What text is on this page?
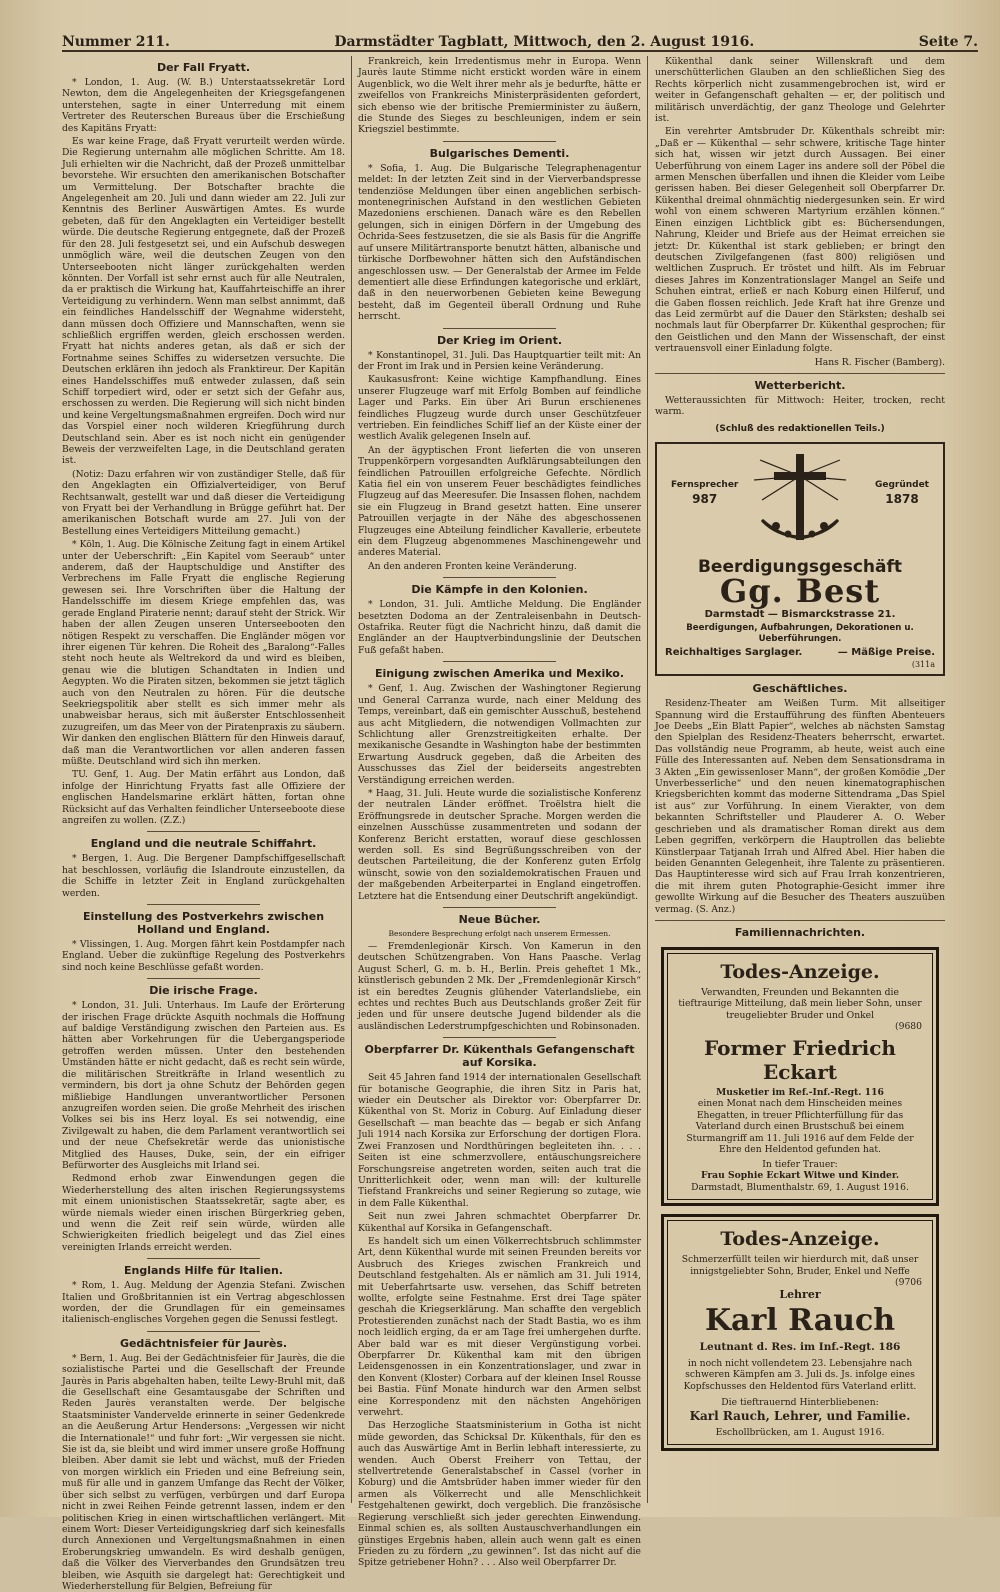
Nummer 211.	Darmstädter Tagblatt, Mittwoch, den 2. August 1916.	Seite 7.
Der Fall Fryatt.

* London, 1. Aug. (W. B.) Unterstaatssekretär Lord Newton, dem die Angelegenheiten der Kriegsgefangenen unterstehen, sagte in einer Unterredung mit einem Vertreter des Reuterschen Bureaus über die Erschießung des Kapitäns Fryatt:

Es war keine Frage, daß Fryatt verurteilt werden würde. Die Regierung unternahm alle möglichen Schritte. Am 18. Juli erhielten wir die Nachricht, daß der Prozeß unmittelbar bevorstehe. Wir ersuchten den amerikanischen Botschafter um Vermittelung. Der Botschafter brachte die Angelegenheit am 20. Juli und dann wieder am 22. Juli zur Kenntnis des Berliner Auswärtigen Amtes. Es wurde gebeten, daß für den Angeklagten ein Verteidiger bestellt würde. Die deutsche Regierung entgegnete, daß der Prozeß für den 28. Juli festgesetzt sei, und ein Aufschub deswegen unmöglich wäre, weil die deutschen Zeugen von den Unterseebooten nicht länger zurückgehalten werden könnten. Der Vorfall ist sehr ernst auch für alle Neutralen, da er praktisch die Wirkung hat, Kauffahrteischiffe an ihrer Verteidigung zu verhindern. Wenn man selbst annimmt, daß ein feindliches Handelsschiff der Wegnahme widersteht, dann müssen doch Offiziere und Mannschaften, wenn sie schließlich ergriffen werden, gleich erschossen werden. Fryatt hat nichts anderes getan, als daß er sich der Fortnahme seines Schiffes zu widersetzen versuchte. Die Deutschen erklären ihn jedoch als Franktireur. Der Kapitän eines Handelsschiffes muß entweder zulassen, daß sein Schiff torpediert wird, oder er setzt sich der Gefahr aus, erschossen zu werden. Die Regierung will sich nicht binden und keine Vergeltungsmaßnahmen ergreifen. Doch wird nur das Vorspiel einer noch wilderen Kriegführung durch Deutschland sein. Aber es ist noch nicht ein genügender Beweis der verzweifelten Lage, in die Deutschland geraten ist.

(Notiz: Dazu erfahren wir von zuständiger Stelle, daß für den Angeklagten ein Offizialverteidiger, von Beruf Rechtsanwalt, gestellt war und daß dieser die Verteidigung von Fryatt bei der Verhandlung in Brügge geführt hat. Der amerikanischen Botschaft wurde am 27. Juli von der Bestellung eines Verteidigers Mitteilung gemacht.)

* Köln, 1. Aug. Die Kölnische Zeitung fagt in einem Artikel unter der Ueberschrift: „Ein Kapitel vom Seeraub“ unter anderem, daß der Hauptschuldige und Anstifter des Verbrechens im Falle Fryatt die englische Regierung gewesen sei. Ihre Vorschriften über die Haltung der Handelsschiffe im diesem Kriege empfehlen das, was gerade England Piraterie nennt; darauf steht der Strick. Wir haben der allen Zeugen unseren Unterseebooten den nötigen Respekt zu verschaffen. Die Engländer mögen vor ihrer eigenen Tür kehren. Die Roheit des „Baralong“-Falles steht noch heute als Weltrekord da und wird es bleiben, genau wie die blutigen Schandtaten in Indien und Aegypten. Wo die Piraten sitzen, bekommen sie jetzt täglich auch von den Neutralen zu hören. Für die deutsche Seekriegspolitik aber stellt es sich immer mehr als unabweisbar heraus, sich mit äußerster Entschlossenheit zuzugreifen, um das Meer von der Piratenpraxis zu säubern. Wir danken den englischen Blättern für den Hinweis darauf, daß man die Verantwortlichen vor allen anderen fassen müßte. Deutschland wird sich ihn merken.

TU. Genf, 1. Aug. Der Matin erfährt aus London, daß infolge der Hinrichtung Fryatts fast alle Offiziere der englischen Handelsmarine erklärt hätten, fortan ohne Rücksicht auf das Verhalten feindlicher Unterseeboote diese angreifen zu wollen. (Z.Z.)

England und die neutrale Schiffahrt.

* Bergen, 1. Aug. Die Bergener Dampfschiffgesellschaft hat beschlossen, vorläufig die Islandroute einzustellen, da die Schiffe in letzter Zeit in England zurückgehalten werden.

Einstellung des Postverkehrs zwischen Holland und England.

* Vlissingen, 1. Aug. Morgen fährt kein Postdampfer nach England. Ueber die zukünftige Regelung des Postverkehrs sind noch keine Beschlüsse gefaßt worden.

Die irische Frage.

* London, 31. Juli. Unterhaus. Im Laufe der Erörterung der irischen Frage drückte Asquith nochmals die Hoffnung auf baldige Verständigung zwischen den Parteien aus. Es hätten aber Vorkehrungen für die Uebergangsperiode getroffen werden müssen. Unter den bestehenden Umständen hätte er nicht gedacht, daß es recht sein würde, die militärischen Streitkräfte in Irland wesentlich zu vermindern, bis dort ja ohne Schutz der Behörden gegen mißliebige Handlungen unverantwortlicher Personen anzugreifen worden seien. Die große Mehrheit des irischen Volkes sei bis ins Herz loyal. Es sei notwendig, eine Zivilgewalt zu haben, die dem Parlament verantwortlich sei und der neue Chefsekretär werde das unionistische Mitglied des Hauses, Duke, sein, der ein eifriger Befürworter des Ausgleichs mit Irland sei.

Redmond erhob zwar Einwendungen gegen die Wiederherstellung des alten irischen Regierungssystems mit einem unionistischen Staatssekretär, sagte aber, es würde niemals wieder einen irischen Bürgerkrieg geben, und wenn die Zeit reif sein würde, würden alle Schwierigkeiten friedlich beigelegt und das Ziel eines vereinigten Irlands erreicht werden.

Englands Hilfe für Italien.

* Rom, 1. Aug. Meldung der Agenzia Stefani. Zwischen Italien und Großbritannien ist ein Vertrag abgeschlossen worden, der die Grundlagen für ein gemeinsames italienisch-englisches Vorgehen gegen die Senussi festlegt.

Gedächtnisfeier für Jaurès.

* Bern, 1. Aug. Bei der Gedächtnisfeier für Jaurès, die die sozialistische Partei und die Gesellschaft der Freunde Jaurès in Paris abgehalten haben, teilte Lewy-Bruhl mit, daß die Gesellschaft eine Gesamtausgabe der Schriften und Reden Jaurès veranstalten werde. Der belgische Staatsminister Vandervelde erinnerte in seiner Gedenkrede an die Aeußerung Artur Hendersons: „Vergessen wir nicht die Internationale!“ und fuhr fort: „Wir vergessen sie nicht. Sie ist da, sie bleibt und wird immer unsere große Hoffnung bleiben. Aber damit sie lebt und wächst, muß der Frieden von morgen wirklich ein Frieden und eine Befreiung sein, muß für alle und in ganzem Umfange das Recht der Völker, über sich selbst zu verfügen, verbürgen und darf Europa nicht in zwei Reihen Feinde getrennt lassen, indem er den politischen Krieg in einen wirtschaftlichen verlängert. Mit einem Wort: Dieser Verteidigungskrieg darf sich keinesfalls durch Annexionen und Vergeltungsmaßnahmen in einen Eroberungskrieg umwandeln. Es wird deshalb genügen, daß die Völker des Vierverbandes den Grundsätzen treu bleiben, wie Asquith sie dargelegt hat: Gerechtigkeit und Wiederherstellung für Belgien, Befreiung für

Frankreich, kein Irredentismus mehr in Europa. Wenn Jaurès laute Stimme nicht erstickt worden wäre in einem Augenblick, wo die Welt ihrer mehr als je bedurfte, hätte er zweifellos von Frankreichs Ministerpräsidenten gefordert, sich ebenso wie der britische Premierminister zu äußern, die Stunde des Sieges zu beschleunigen, indem er sein Kriegsziel bestimmte.

Bulgarisches Dementi.

* Sofia, 1. Aug. Die Bulgarische Telegraphenagentur meldet: In der letzten Zeit sind in der Vierverbandspresse tendenziöse Meldungen über einen angeblichen serbisch-montenegrinischen Aufstand in den westlichen Gebieten Mazedoniens erschienen. Danach wäre es den Rebellen gelungen, sich in einigen Dörfern in der Umgebung des Ochrida-Sees festzusetzen, die sie als Basis für die Angriffe auf unsere Militärtransporte benutzt hätten, albanische und türkische Dorfbewohner hätten sich den Aufständischen angeschlossen usw. — Der Generalstab der Armee im Felde dementiert alle diese Erfindungen kategorische und erklärt, daß in den neuerworbenen Gebieten keine Bewegung besteht, daß im Gegenteil überall Ordnung und Ruhe herrscht.

Der Krieg im Orient.

* Konstantinopel, 31. Juli. Das Hauptquartier teilt mit: An der Front im Irak und in Persien keine Veränderung.

Kaukasusfront: Keine wichtige Kampfhandlung. Eines unserer Flugzeuge warf mit Erfolg Bomben auf feindliche Lager und Parks. Ein über Ari Burun erschienenes feindliches Flugzeug wurde durch unser Geschützfeuer vertrieben. Ein feindliches Schiff lief an der Küste einer der westlich Avalik gelegenen Inseln auf.

An der ägyptischen Front lieferten die von unseren Truppenkörpern vorgesandten Aufklärungsabteilungen den feindlichen Patrouillen erfolgreiche Gefechte. Nördlich Katia fiel ein von unserem Feuer beschädigtes feindliches Flugzeug auf das Meeresufer. Die Insassen flohen, nachdem sie ein Flugzeug in Brand gesetzt hatten. Eine unserer Patrouillen verjagte in der Nähe des abgeschossenen Flugzeuges eine Abteilung feindlicher Kavallerie, erbeutete ein dem Flugzeug abgenommenes Maschinengewehr und anderes Material.

An den anderen Fronten keine Veränderung.

Die Kämpfe in den Kolonien.

* London, 31. Juli. Amtliche Meldung. Die Engländer besetzten Dodoma an der Zentraleisenbahn in Deutsch-Ostafrika. Reuter fügt die Nachricht hinzu, daß damit die Engländer an der Hauptverbindungslinie der Deutschen Fuß gefaßt haben.

Einigung zwischen Amerika und Mexiko.

* Genf, 1. Aug. Zwischen der Washingtoner Regierung und General Carranza wurde, nach einer Meldung des Temps, vereinbart, daß ein gemischter Ausschuß, bestehend aus acht Mitgliedern, die notwendigen Vollmachten zur Schlichtung aller Grenzstreitigkeiten erhalte. Der mexikanische Gesandte in Washington habe der bestimmten Erwartung Ausdruck gegeben, daß die Arbeiten des Ausschusses das Ziel der beiderseits angestrebten Verständigung erreichen werden.

* Haag, 31. Juli. Heute wurde die sozialistische Konferenz der neutralen Länder eröffnet. Troëlstra hielt die Eröffnungsrede in deutscher Sprache. Morgen werden die einzelnen Ausschüsse zusammentreten und sodann der Konferenz Bericht erstatten, worauf diese geschlossen werden soll. Es sind Begrüßungsschreiben von der deutschen Parteileitung, die der Konferenz guten Erfolg wünscht, sowie von den sozialdemokratischen Frauen und der maßgebenden Arbeiterpartei in England eingetroffen. Letztere hat die Entsendung einer Deutschrift angekündigt.

Neue Bücher.
Besondere Besprechung erfolgt nach unserem Ermessen.

— Fremdenlegionär Kirsch. Von Kamerun in den deutschen Schützengraben. Von Hans Paasche. Verlag August Scherl, G. m. b. H., Berlin. Preis geheftet 1 Mk., künstlerisch gebunden 2 Mk. Der „Fremdenlegionär Kirsch“ ist ein beredtes Zeugnis glühender Vaterlandsliebe, ein echtes und rechtes Buch aus Deutschlands großer Zeit für jeden und für unsere deutsche Jugend bildender als die ausländischen Lederstrumpfgeschichten und Robinsonaden.

Oberpfarrer Dr. Kükenthals Gefangenschaft auf Korsika.

Seit 45 Jahren fand 1914 der internationalen Gesellschaft für botanische Geographie, die ihren Sitz in Paris hat, wieder ein Deutscher als Direktor vor: Oberpfarrer Dr. Kükenthal von St. Moriz in Coburg. Auf Einladung dieser Gesellschaft — man beachte das — begab er sich Anfang Juli 1914 nach Korsika zur Erforschung der dortigen Flora. Zwei Franzosen und Nordthüringen begleiteten ihn. . . . Seiten ist eine schmerzvollere, entäuschungsreichere Forschungsreise angetreten worden, seiten auch trat die Unritterlichkeit oder, wenn man will: der kulturelle Tiefstand Frankreichs und seiner Regierung so zutage, wie in dem Falle Kükenthal.

Seit nun zwei Jahren schmachtet Oberpfarrer Dr. Kükenthal auf Korsika in Gefangenschaft.

Es handelt sich um einen Völkerrechtsbruch schlimmster Art, denn Kükenthal wurde mit seinen Freunden bereits vor Ausbruch des Krieges zwischen Frankreich und Deutschland festgehalten. Als er nämlich am 31. Juli 1914, mit Ueberfahrtsarte usw. versehen, das Schiff betreten wollte, erfolgte seine Festnahme. Erst drei Tage später geschah die Kriegserklärung. Man schaffte den vergeblich Protestierenden zunächst nach der Stadt Bastia, wo es ihm noch leidlich erging, da er am Tage frei umhergehen durfte. Aber bald war es mit dieser Vergünstigung vorbei. Oberpfarrer Dr. Kükenthal kam mit den übrigen Leidensgenossen in ein Konzentrationslager, und zwar in den Konvent (Kloster) Corbara auf der kleinen Insel Rousse bei Bastia. Fünf Monate hindurch war den Armen selbst eine Korrespondenz mit den nächsten Angehörigen verwehrt.

Das Herzogliche Staatsministerium in Gotha ist nicht müde geworden, das Schicksal Dr. Kükenthals, für den es auch das Auswärtige Amt in Berlin lebhaft interessierte, zu wenden. Auch Oberst Freiherr von Tettau, der stellvertretende Generalstabschef in Cassel (vorher in Koburg) und die Amtsbrüder haben immer wieder für den armen als Völkerrecht und alle Menschlichkeit Festgehaltenen gewirkt, doch vergeblich. Die französische Regierung verschließt sich jeder gerechten Einwendung. Einmal schien es, als sollten Austauschverhandlungen ein günstiges Ergebnis haben, allein auch wenn galt es einen Frieden zu zu fördern „zu gewinnen“. Ist das nicht auf die Spitze getriebener Hohn? . . . Also weil Oberpfarrer Dr.

Kükenthal dank seiner Willenskraft und dem unerschütterlichen Glauben an den schließlichen Sieg des Rechts körperlich nicht zusammengebrochen ist, wird er weiter in Gefangenschaft gehalten — er, der politisch und militärisch unverdächtig, der ganz Theologe und Gelehrter ist.

Ein verehrter Amtsbruder Dr. Kükenthals schreibt mir: „Daß er — Kükenthal — sehr schwere, kritische Tage hinter sich hat, wissen wir jetzt durch Aussagen. Bei einer Ueberführung von einem Lager ins andere soll der Pöbel die armen Menschen überfallen und ihnen die Kleider vom Leibe gerissen haben. Bei dieser Gelegenheit soll Oberpfarrer Dr. Kükenthal dreimal ohnmächtig niedergesunken sein. Er wird wohl von einem schweren Martyrium erzählen können.“ Einen einzigen Lichtblick gibt es: Büchersendungen, Nahrung, Kleider und Briefe aus der Heimat erreichen sie jetzt: Dr. Kükenthal ist stark geblieben; er bringt den deutschen Zivilgefangenen (fast 800) religiösen und weltlichen Zuspruch. Er tröstet und hilft. Als im Februar dieses Jahres im Konzentrationslager Mangel an Seife und Schuhen eintrat, erließ er nach Koburg einen Hilferuf, und die Gaben flossen reichlich. Jede Kraft hat ihre Grenze und das Leid zermürbt auf die Dauer den Stärksten; deshalb sei nochmals laut für Oberpfarrer Dr. Kükenthal gesprochen; für den Geistlichen und den Mann der Wissenschaft, der einst vertrauensvoll einer Einladung folgte.

Hans R. Fischer (Bamberg).
Wetterbericht.

Wetteraussichten für Mittwoch: Heiter, trocken, recht warm.

(Schluß des redaktionellen Teils.)
Fernsprecher
987
Gegründet
1878
Beerdigungsgeschäft
Gg. Best
Darmstadt — Bismarckstrasse 21.
Beerdigungen, Aufbahrungen, Dekorationen u. Ueberführungen.
Reichhaltiges Sarglager.	— Mäßige Preise.
(311a
Geschäftliches.

Residenz-Theater am Weißen Turm. Mit allseitiger Spannung wird die Erstaufführung des fünften Abenteuers Joe Deebs „Ein Blatt Papier“, welches ab nächsten Samstag den Spielplan des Residenz-Theaters beherrscht, erwartet. Das vollständig neue Programm, ab heute, weist auch eine Fülle des Interessanten auf. Neben dem Sensationsdrama in 3 Akten „Ein gewissenloser Mann“, der großen Komödie „Der Unverbesserliche“ und den neuen kinematographischen Kriegsberichten kommt das moderne Sittendrama „Das Spiel ist aus“ zur Vorführung. In einem Vierakter, von dem bekannten Schriftsteller und Plauderer A. O. Weber geschrieben und als dramatischer Roman direkt aus dem Leben gegriffen, verkörpern die Hauptrollen das beliebte Künstlerpaar Tatjanah Irrah und Alfred Abel. Hier haben die beiden Genannten Gelegenheit, ihre Talente zu präsentieren. Das Hauptinteresse wird sich auf Frau Irrah konzentrieren, die mit ihrem guten Photographie-Gesicht immer ihre gewollte Wirkung auf die Besucher des Theaters auszuüben vermag. (S. Anz.)

Familiennachrichten.
Todes-Anzeige.
Verwandten, Freunden und Bekannten die tieftraurige Mitteilung, daß mein lieber Sohn, unser treugeliebter Bruder und Onkel
(9680
Former Friedrich Eckart
Musketier im Ref.-Inf.-Regt. 116
einen Monat nach dem Hinscheiden meines Ehegatten, in treuer Pflichterfüllung für das Vaterland durch einen Brustschuß bei einem Sturmangriff am 11. Juli 1916 auf dem Felde der Ehre den Heldentod gefunden hat.
In tiefer Trauer:
Frau Sophie Eckart Witwe und Kinder.
Darmstadt, Blumenthalstr. 69, 1. August 1916.
Todes-Anzeige.
Schmerzerfüllt teilen wir hierdurch mit, daß unser innigstgeliebter Sohn, Bruder, Enkel und Neffe
(9706
Lehrer
Karl Rauch
Leutnant d. Res. im Inf.-Regt. 186
in noch nicht vollendetem 23. Lebensjahre nach schweren Kämpfen am 3. Juli ds. Js. infolge eines Kopfschusses den Heldentod fürs Vaterland erlitt.
Die tieftrauernd Hinterbliebenen:
Karl Rauch, Lehrer, und Familie.
Eschollbrücken, am 1. August 1916.
